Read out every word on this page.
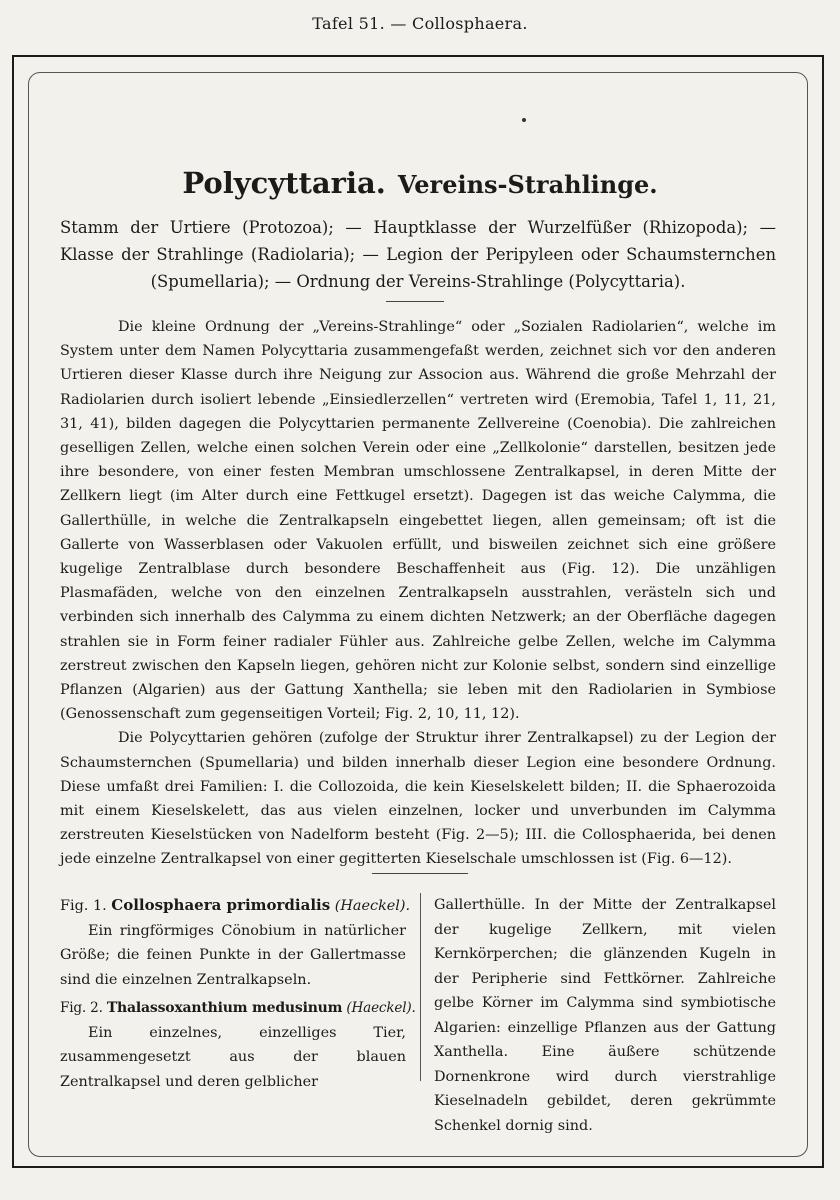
Tafel 51. — Collosphaera.
Polycyttaria. Vereins-Strahlinge.
Stamm der Urtiere (Protozoa); — Hauptklasse der Wurzelfüßer (Rhizopoda); — Klasse der Strahlinge (Radiolaria); — Legion der Peripyleen oder Schaumsternchen (Spumellaria); — Ordnung der Vereins-Strahlinge (Polycyttaria).

Die kleine Ordnung der „Vereins-Strahlinge“ oder „Sozialen Radiolarien“, welche im System unter dem Namen Polycyttaria zusammengefaßt werden, zeichnet sich vor den anderen Urtieren dieser Klasse durch ihre Neigung zur Associon aus. Während die große Mehrzahl der Radiolarien durch isoliert lebende „Einsiedlerzellen“ vertreten wird (Eremobia, Tafel 1, 11, 21, 31, 41), bilden dagegen die Polycyttarien permanente Zellvereine (Coenobia). Die zahlreichen geselligen Zellen, welche einen solchen Verein oder eine „Zellkolonie“ darstellen, besitzen jede ihre besondere, von einer festen Membran umschlossene Zentralkapsel, in deren Mitte der Zellkern liegt (im Alter durch eine Fettkugel ersetzt). Dagegen ist das weiche Calymma, die Gallerthülle, in welche die Zentralkapseln eingebettet liegen, allen gemeinsam; oft ist die Gallerte von Wasserblasen oder Vakuolen erfüllt, und bisweilen zeichnet sich eine größere kugelige Zentralblase durch besondere Beschaffenheit aus (Fig. 12). Die unzähligen Plasmafäden, welche von den einzelnen Zentralkapseln ausstrahlen, verästeln sich und verbinden sich innerhalb des Calymma zu einem dichten Netzwerk; an der Oberfläche dagegen strahlen sie in Form feiner radialer Fühler aus. Zahlreiche gelbe Zellen, welche im Calymma zerstreut zwischen den Kapseln liegen, gehören nicht zur Kolonie selbst, sondern sind einzellige Pflanzen (Algarien) aus der Gattung Xanthella; sie leben mit den Radiolarien in Symbiose (Genossenschaft zum gegenseitigen Vorteil; Fig. 2, 10, 11, 12).

Die Polycyttarien gehören (zufolge der Struktur ihrer Zentralkapsel) zu der Legion der Schaumsternchen (Spumellaria) und bilden innerhalb dieser Legion eine besondere Ordnung. Diese umfaßt drei Familien: I. die Collozoida, die kein Kieselskelett bilden; II. die Sphaerozoida mit einem Kieselskelett, das aus vielen einzelnen, locker und unverbunden im Calymma zerstreuten Kieselstücken von Nadelform besteht (Fig. 2—5); III. die Collosphaerida, bei denen jede einzelne Zentralkapsel von einer gegitterten Kieselschale umschlossen ist (Fig. 6—12).

Fig. 1. Collosphaera primordialis (Haeckel).

Ein ringförmiges Cönobium in natürlicher Größe; die feinen Punkte in der Gallertmasse sind die einzelnen Zentralkapseln.

Fig. 2. Thalassoxanthium medusinum (Haeckel).

Ein einzelnes, einzelliges Tier, zusammengesetzt aus der blauen Zentralkapsel und deren gelblicher

Gallerthülle. In der Mitte der Zentralkapsel der kugelige Zellkern, mit vielen Kernkörperchen; die glänzenden Kugeln in der Peripherie sind Fettkörner. Zahlreiche gelbe Körner im Calymma sind symbiotische Algarien: einzellige Pflanzen aus der Gattung Xanthella. Eine äußere schützende Dornenkrone wird durch vierstrahlige Kieselnadeln gebildet, deren gekrümmte Schenkel dornig sind.
